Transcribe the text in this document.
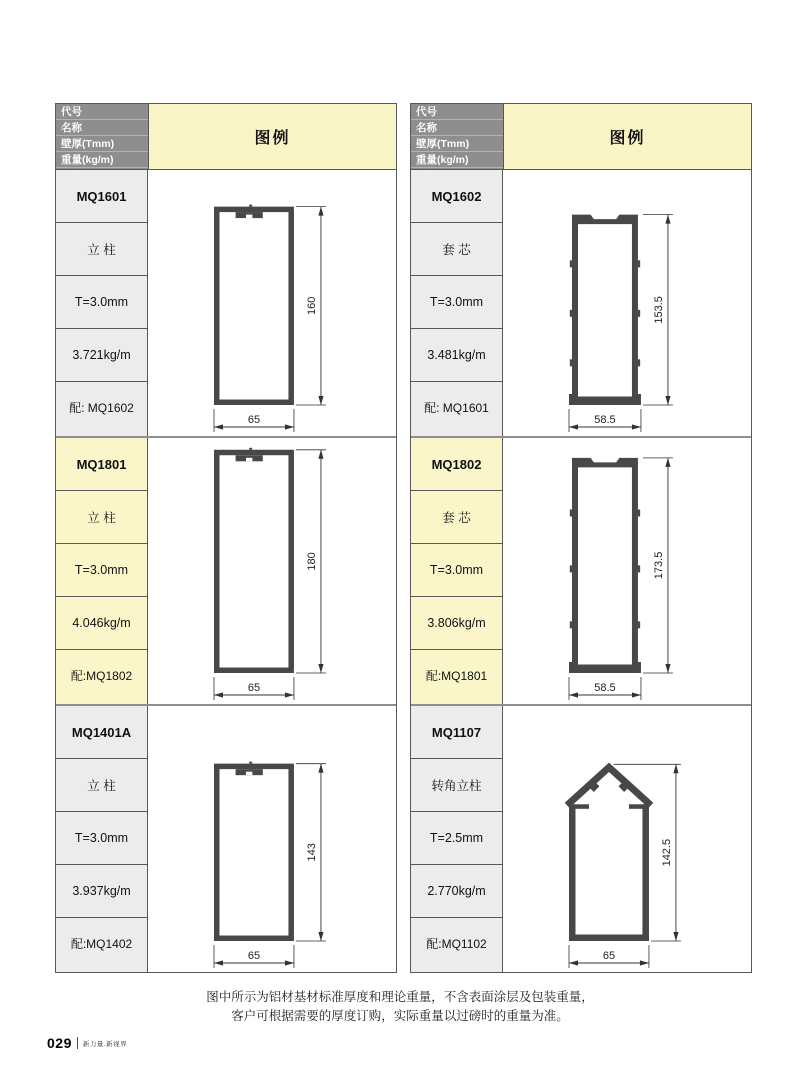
代号
名称
壁厚(Tmm)
重量(kg/m)
图例
MQ1601
立 柱
T=3.0mm
3.721kg/m
配: MQ1602
160
65
MQ1801
立 柱
T=3.0mm
4.046kg/m
配:MQ1802
180
65
MQ1401A
立 柱
T=3.0mm
3.937kg/m
配:MQ1402
143
65
代号
名称
壁厚(Tmm)
重量(kg/m)
图例
MQ1602
套 芯
T=3.0mm
3.481kg/m
配: MQ1601
153.5
58.5
MQ1802
套 芯
T=3.0mm
3.806kg/m
配:MQ1801
173.5
58.5
MQ1107
转角立柱
T=2.5mm
2.770kg/m
配:MQ1102
142.5
65
图中所示为铝材基材标准厚度和理论重量，不含表面涂层及包装重量，
客户可根据需要的厚度订购，实际重量以过磅时的重量为准。
029 新力量.新视界
